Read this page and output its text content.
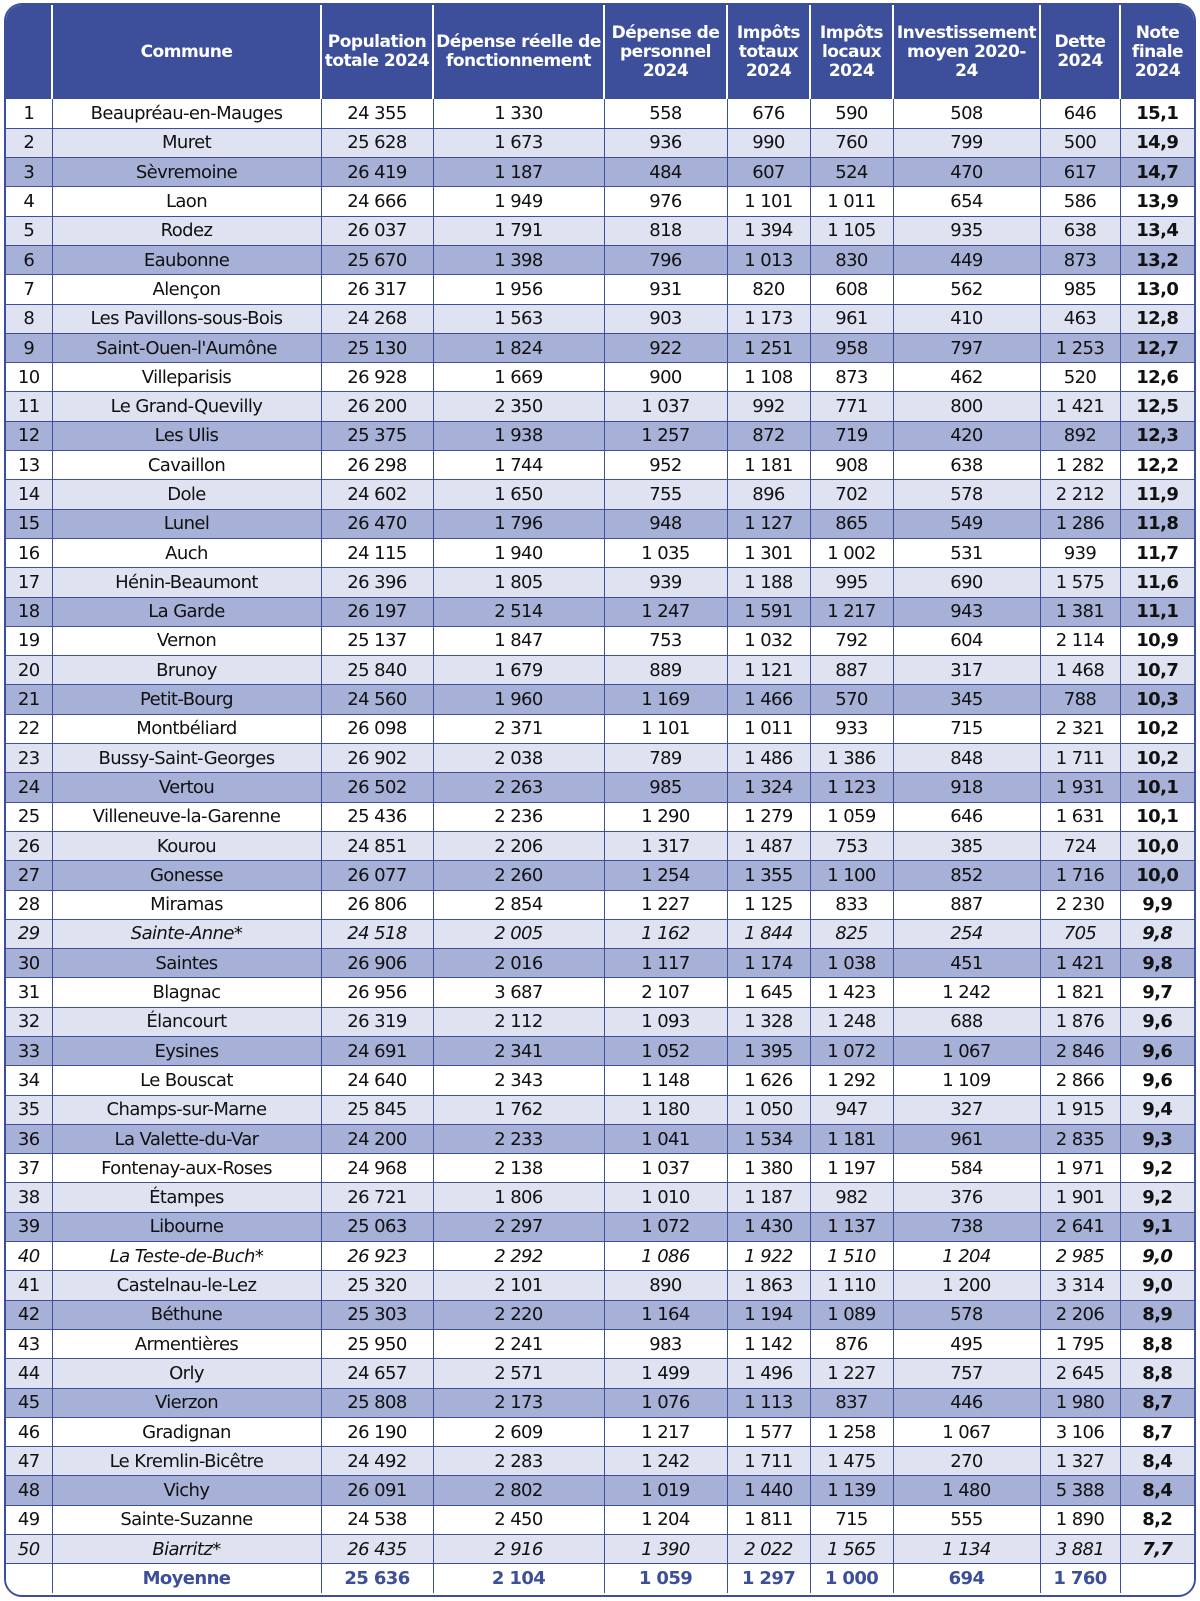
	Commune	Population totale 2024	Dépense réelle de fonctionnement	Dépense de personnel 2024	Impôts totaux 2024	Impôts locaux 2024	Investissement moyen 2020-24	Dette 2024	Note finale 2024
1	Beaupréau-en-Mauges	24 355	1 330	558	676	590	508	646	15,1
2	Muret	25 628	1 673	936	990	760	799	500	14,9
3	Sèvremoine	26 419	1 187	484	607	524	470	617	14,7
4	Laon	24 666	1 949	976	1 101	1 011	654	586	13,9
5	Rodez	26 037	1 791	818	1 394	1 105	935	638	13,4
6	Eaubonne	25 670	1 398	796	1 013	830	449	873	13,2
7	Alençon	26 317	1 956	931	820	608	562	985	13,0
8	Les Pavillons-sous-Bois	24 268	1 563	903	1 173	961	410	463	12,8
9	Saint-Ouen-l'Aumône	25 130	1 824	922	1 251	958	797	1 253	12,7
10	Villeparisis	26 928	1 669	900	1 108	873	462	520	12,6
11	Le Grand-Quevilly	26 200	2 350	1 037	992	771	800	1 421	12,5
12	Les Ulis	25 375	1 938	1 257	872	719	420	892	12,3
13	Cavaillon	26 298	1 744	952	1 181	908	638	1 282	12,2
14	Dole	24 602	1 650	755	896	702	578	2 212	11,9
15	Lunel	26 470	1 796	948	1 127	865	549	1 286	11,8
16	Auch	24 115	1 940	1 035	1 301	1 002	531	939	11,7
17	Hénin-Beaumont	26 396	1 805	939	1 188	995	690	1 575	11,6
18	La Garde	26 197	2 514	1 247	1 591	1 217	943	1 381	11,1
19	Vernon	25 137	1 847	753	1 032	792	604	2 114	10,9
20	Brunoy	25 840	1 679	889	1 121	887	317	1 468	10,7
21	Petit-Bourg	24 560	1 960	1 169	1 466	570	345	788	10,3
22	Montbéliard	26 098	2 371	1 101	1 011	933	715	2 321	10,2
23	Bussy-Saint-Georges	26 902	2 038	789	1 486	1 386	848	1 711	10,2
24	Vertou	26 502	2 263	985	1 324	1 123	918	1 931	10,1
25	Villeneuve-la-Garenne	25 436	2 236	1 290	1 279	1 059	646	1 631	10,1
26	Kourou	24 851	2 206	1 317	1 487	753	385	724	10,0
27	Gonesse	26 077	2 260	1 254	1 355	1 100	852	1 716	10,0
28	Miramas	26 806	2 854	1 227	1 125	833	887	2 230	9,9
29	Sainte-Anne*	24 518	2 005	1 162	1 844	825	254	705	9,8
30	Saintes	26 906	2 016	1 117	1 174	1 038	451	1 421	9,8
31	Blagnac	26 956	3 687	2 107	1 645	1 423	1 242	1 821	9,7
32	Élancourt	26 319	2 112	1 093	1 328	1 248	688	1 876	9,6
33	Eysines	24 691	2 341	1 052	1 395	1 072	1 067	2 846	9,6
34	Le Bouscat	24 640	2 343	1 148	1 626	1 292	1 109	2 866	9,6
35	Champs-sur-Marne	25 845	1 762	1 180	1 050	947	327	1 915	9,4
36	La Valette-du-Var	24 200	2 233	1 041	1 534	1 181	961	2 835	9,3
37	Fontenay-aux-Roses	24 968	2 138	1 037	1 380	1 197	584	1 971	9,2
38	Étampes	26 721	1 806	1 010	1 187	982	376	1 901	9,2
39	Libourne	25 063	2 297	1 072	1 430	1 137	738	2 641	9,1
40	La Teste-de-Buch*	26 923	2 292	1 086	1 922	1 510	1 204	2 985	9,0
41	Castelnau-le-Lez	25 320	2 101	890	1 863	1 110	1 200	3 314	9,0
42	Béthune	25 303	2 220	1 164	1 194	1 089	578	2 206	8,9
43	Armentières	25 950	2 241	983	1 142	876	495	1 795	8,8
44	Orly	24 657	2 571	1 499	1 496	1 227	757	2 645	8,8
45	Vierzon	25 808	2 173	1 076	1 113	837	446	1 980	8,7
46	Gradignan	26 190	2 609	1 217	1 577	1 258	1 067	3 106	8,7
47	Le Kremlin-Bicêtre	24 492	2 283	1 242	1 711	1 475	270	1 327	8,4
48	Vichy	26 091	2 802	1 019	1 440	1 139	1 480	5 388	8,4
49	Sainte-Suzanne	24 538	2 450	1 204	1 811	715	555	1 890	8,2
50	Biarritz*	26 435	2 916	1 390	2 022	1 565	1 134	3 881	7,7
	Moyenne	25 636	2 104	1 059	1 297	1 000	694	1 760	
